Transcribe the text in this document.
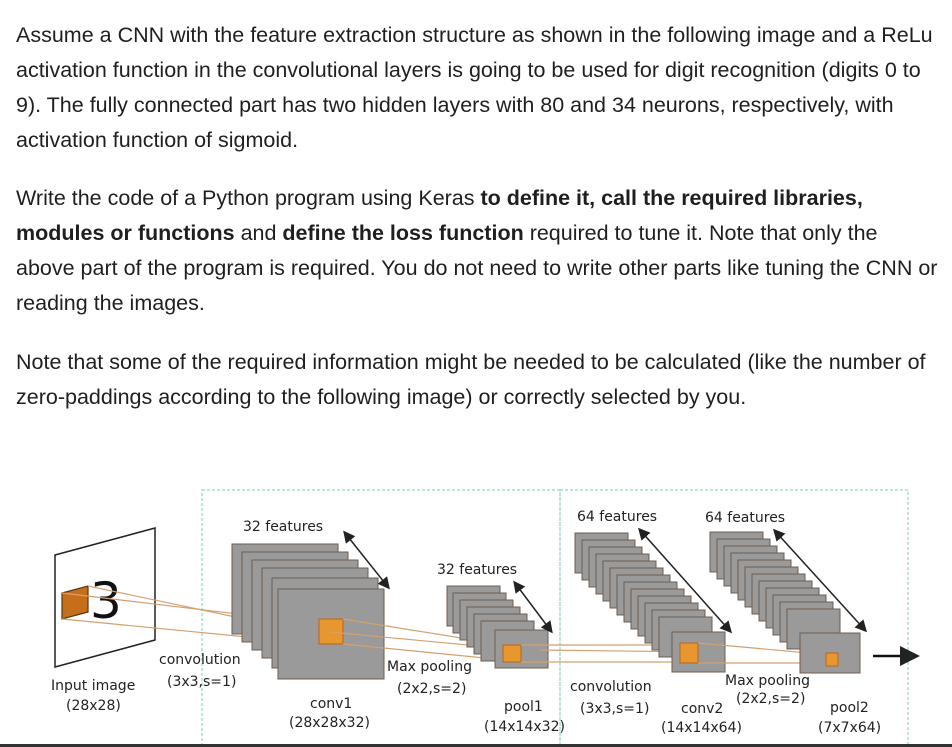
Assume a CNN with the feature extraction structure as shown in the following image and a ReLu activation function in the convolutional layers is going to be used for digit recognition (digits 0 to 9). The fully connected part has two hidden layers with 80 and 34 neurons, respectively, with activation function of sigmoid.

Write the code of a Python program using Keras to define it, call the required libraries, modules or functions and define the loss function required to tune it. Note that only the above part of the program is required. You do not need to write other parts like tuning the CNN or reading the images.

Note that some of the required information might be needed to be calculated (like the number of zero-paddings according to the following image) or correctly selected by you.

3
32 features
32 features
64 features	64 features
Input image
(28x28)
convolution
(3x3,s=1)
conv1
(28x28x32)
Max pooling
(2x2,s=2)
pool1
(14x14x32)
convolution
(3x3,s=1) conv2
(14x14x64)
Max pooling
(2x2,s=2)
pool2
(7x7x64)
